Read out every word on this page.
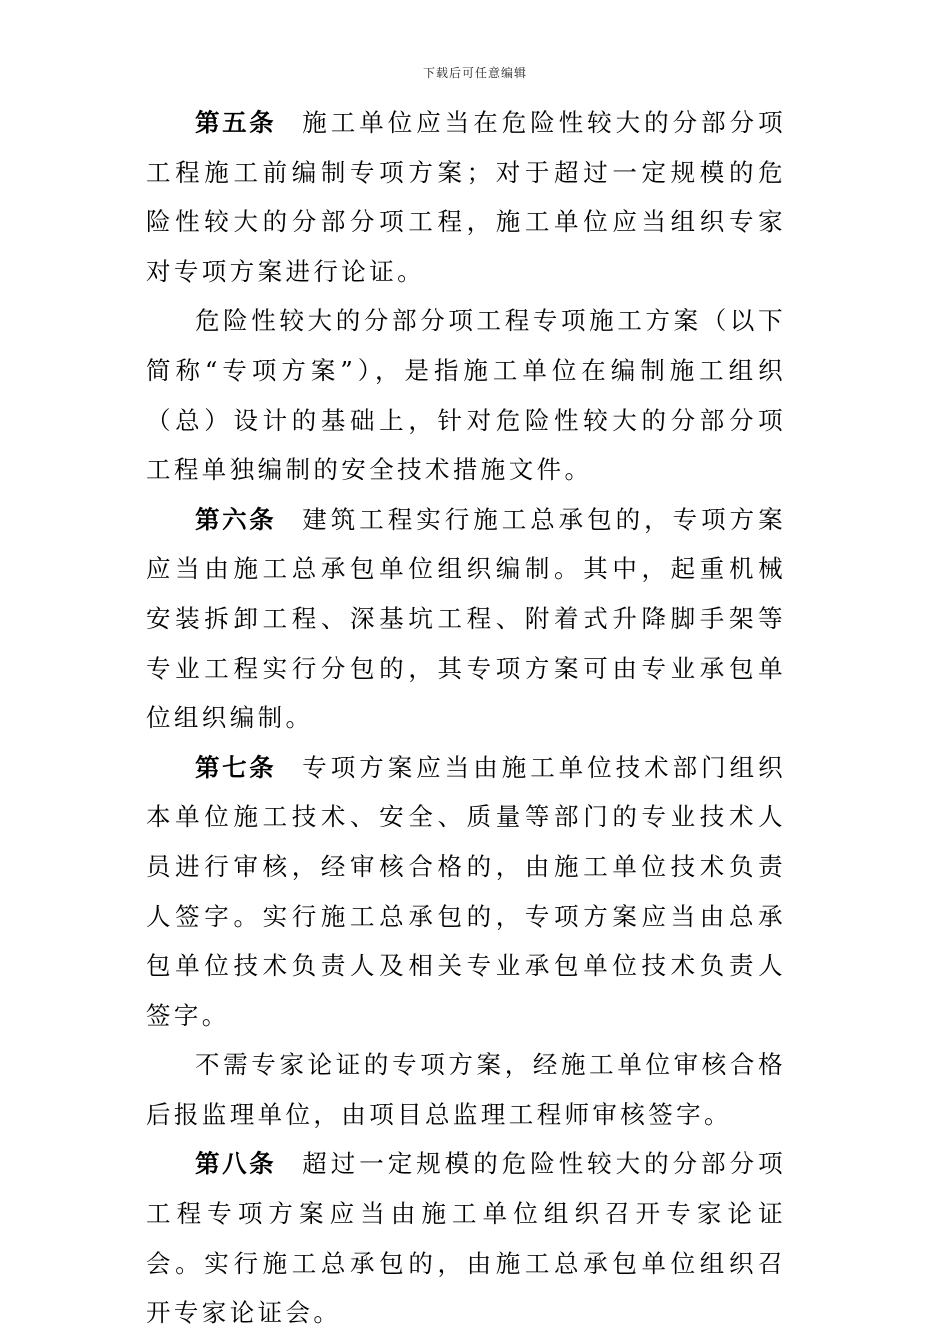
下载后可任意编辑

第五条 施工单位应当在危险性较大的分部分项工程施工前编制专项方案；对于超过一定规模的危险性较大的分部分项工程，施工单位应当组织专家对专项方案进行论证。

危险性较大的分部分项工程专项施工方案（以下简称“专项方案”），是指施工单位在编制施工组织（总）设计的基础上，针对危险性较大的分部分项工程单独编制的安全技术措施文件。

第六条 建筑工程实行施工总承包的，专项方案应当由施工总承包单位组织编制。其中，起重机械安装拆卸工程、深基坑工程、附着式升降脚手架等专业工程实行分包的，其专项方案可由专业承包单位组织编制。

第七条 专项方案应当由施工单位技术部门组织本单位施工技术、安全、质量等部门的专业技术人员进行审核，经审核合格的，由施工单位技术负责人签字。实行施工总承包的，专项方案应当由总承包单位技术负责人及相关专业承包单位技术负责人签字。

不需专家论证的专项方案，经施工单位审核合格后报监理单位，由项目总监理工程师审核签字。

第八条 超过一定规模的危险性较大的分部分项工程专项方案应当由施工单位组织召开专家论证会。实行施工总承包的，由施工总承包单位组织召开专家论证会。
